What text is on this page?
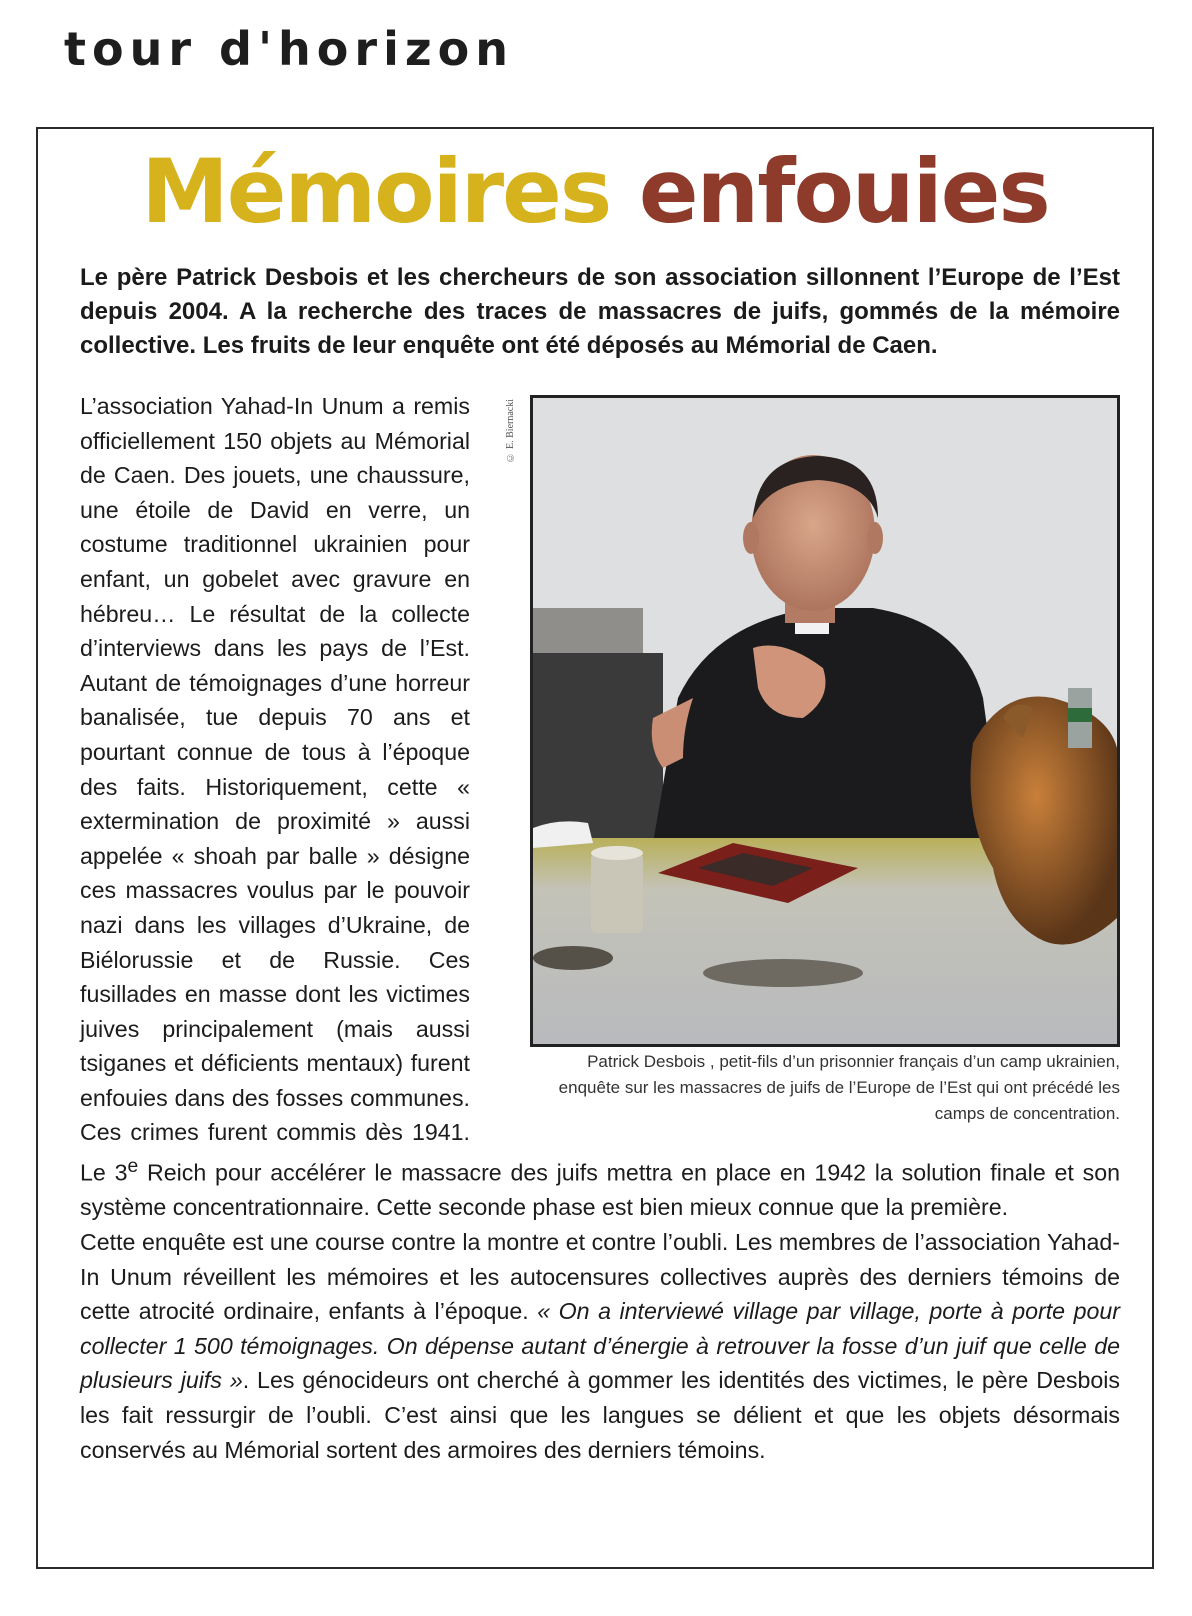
tour d'horizon
Mémoires enfouies

Le père Patrick Desbois et les chercheurs de son association sillonnent l’Europe de l’Est depuis 2004. A la recherche des traces de massacres de juifs, gommés de la mémoire collective. Les fruits de leur enquête ont été déposés au Mémorial de Caen.

© E. Biernacki

Patrick Desbois , petit-fils d’un prisonnier français d’un camp ukrainien, enquête sur les massacres de juifs de l’Europe de l’Est qui ont précédé les camps de concentration.

L’association Yahad-In Unum a remis officiellement 150 objets au Mémorial de Caen. Des jouets, une chaussure, une étoile de David en verre, un costume traditionnel ukrainien pour enfant, un gobelet avec gravure en hébreu… Le résultat de la collecte d’interviews dans les pays de l’Est. Autant de témoignages d’une horreur banalisée, tue depuis 70 ans et pourtant connue de tous à l’époque des faits. Historiquement, cette « extermination de proximité » aussi appelée « shoah par balle » désigne ces massacres voulus par le pouvoir nazi dans les villages d’Ukraine, de Biélorussie et de Russie. Ces fusillades en masse dont les victimes juives principalement (mais aussi tsiganes et déficients mentaux) furent enfouies dans des fosses communes. Ces crimes furent commis dès 1941. Le 3e Reich pour accélérer le massacre des juifs mettra en place en 1942 la solution finale et son système concentrationnaire. Cette seconde phase est bien mieux connue que la première.

Cette enquête est une course contre la montre et contre l’oubli. Les membres de l’association Yahad-In Unum réveillent les mémoires et les autocensures collectives auprès des derniers témoins de cette atrocité ordinaire, enfants à l’époque. « On a interviewé village par village, porte à porte pour collecter 1 500 témoignages. On dépense autant d’énergie à retrouver la fosse d’un juif que celle de plusieurs juifs ». Les génocideurs ont cherché à gommer les identités des victimes, le père Desbois les fait ressurgir de l’oubli. C’est ainsi que les langues se délient et que les objets désormais conservés au Mémorial sortent des armoires des derniers témoins.
